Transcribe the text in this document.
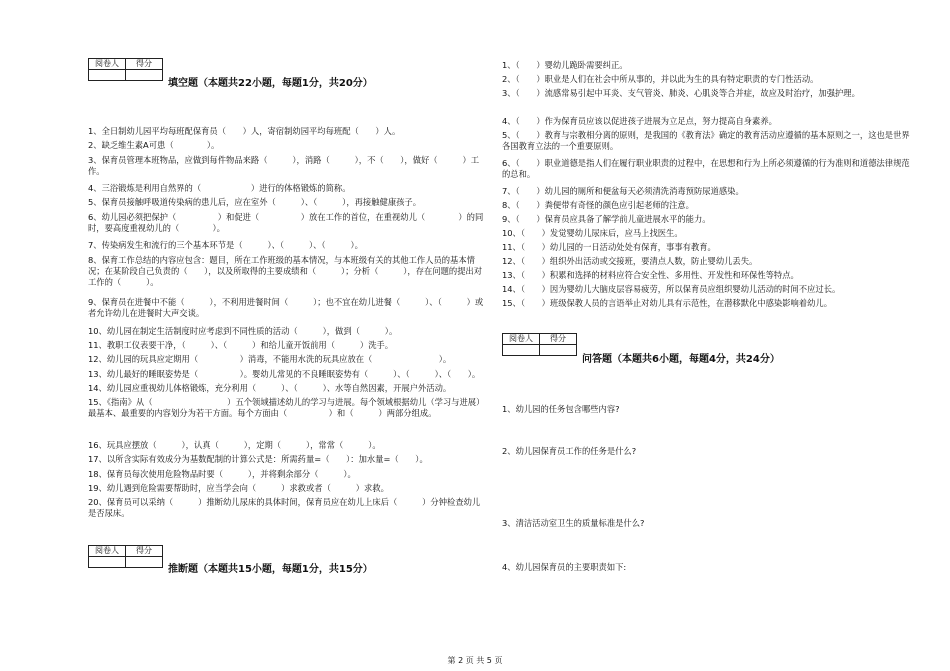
阅卷人	得分

填空题（本题共22小题，每题1分，共20分）
1、全日制幼儿园平均每班配保育员（　　）人，寄宿制幼园平均每班配（　　）人。
2、缺乏维生素A可患（　　　　）。
3、保育员管理本班物品，应做到每件物品来路（　　　），消路（　　　），不（　　），做好（　　　）工作。
4、三浴锻炼是利用自然界的（　　　　　　）进行的体格锻炼的简称。
5、保育员接触呼吸道传染病的患儿后，应在室外（　　　）、（　　　），再接触健康孩子。
6、幼儿园必须把保护（　　　　　）和促进（　　　　　）放在工作的首位，在重视幼儿（　　　　）的同时，要高度重视幼儿的（　　　　）。
7、传染病发生和流行的三个基本环节是（　　　）、（　　　）、（　　　）。
8、保育工作总结的内容应包含：题目，所在工作班级的基本情况，与本班级有关的其他工作人员的基本情况；在某阶段自己负责的（　　），以及所取得的主要成绩和（　　　）；分析（　　　），存在问题的提出对工作的（　　　）。
9、保育员在进餐中不能（　　　），不利用进餐时间（　　　）；也不宜在幼儿进餐（　　　）、（　　　）或者允许幼儿在进餐时大声交谈。
10、幼儿园在制定生活制度时应考虑到不同性质的活动（　　　），做到（　　　）。
11、教职工仪表要干净，（　　　）、（　　　）和给儿童开饭前用（　　　）洗手。
12、幼儿园的玩具应定期用（　　　　　）消毒，不能用水洗的玩具应放在（　　　　　　　　）。
13、幼儿最好的睡眠姿势是（　　　　　）。婴幼儿常见的不良睡眠姿势有（　　　）、（　　　）、（　　）。
14、幼儿园应重视幼儿体格锻炼，充分利用（　　　）、（　　　）、水等自然因素，开展户外活动。
15、《指南》从（　　　　　　　　　）五个领域描述幼儿的学习与进展。每个领域根据幼儿（学习与进展）最基本、最重要的内容划分为若干方面。每个方面由（　　　　　）和（　　　）两部分组成。
16、玩具应摆放（　　　），认真（　　　），定期（　　　），常常（　　　）。
17、以所含实际有效成分为基数配制的计算公式是：所需药量=（　　）：加水量=（　　）。
18、保育员每次使用危险物品时要（　　　），并将剩余部分（　　　）。
19、幼儿遇到危险需要帮助时，应当学会向（　　　）求救或者（　　　）求救。
20、保育员可以采纳（　　　）推断幼儿尿床的具体时间，保育员应在幼儿上床后（　　　）分钟检查幼儿是否尿床。
阅卷人	得分

推断题（本题共15小题，每题1分，共15分）
1、（　　）婴幼儿跪卧需要纠正。
2、（　　）职业是人们在社会中所从事的，并以此为生的具有特定职责的专门性活动。
3、（　　）流感常易引起中耳炎、支气管炎、肺炎、心肌炎等合并症，故应及时治疗，加强护理。
4、（　　）作为保育员应该以促进孩子进展为立足点，努力提高自身素养。
5、（　　）教育与宗教相分离的原则，是我国的《教育法》确定的教育活动应遵循的基本原则之一，这也是世界各国教育立法的一个重要原则。
6、（　　）职业道德是指人们在履行职业职责的过程中，在思想和行为上所必须遵循的行为准则和道德法律规范的总和。
7、（　　）幼儿园的厕所和便盆每天必须清洗消毒预防尿道感染。
8、（　　）粪便带有奇怪的颜色应引起老师的注意。
9、（　　）保育员应具备了解学前儿童进展水平的能力。
10、（　　）发觉婴幼儿尿床后，应马上找医生。
11、（　　）幼儿园的一日活动处处有保育，事事有教育。
12、（　　）组织外出活动或交接班，要清点人数，防止婴幼儿丢失。
13、（　　）积累和选择的材料应符合安全性、多用性、开发性和环保性等特点。
14、（　　）因为婴幼儿大脑皮层容易疲劳，所以保育员应组织婴幼儿活动的时间不应过长。
15、（　　）班级保教人员的言语举止对幼儿具有示范性，在潜移默化中感染影响着幼儿。
阅卷人	得分

问答题（本题共6小题，每题4分，共24分）
1、幼儿园的任务包含哪些内容?
2、幼儿园保育员工作的任务是什么?
3、清洁活动室卫生的质量标准是什么?
4、幼儿园保育员的主要职责如下:
第 2 页 共 5 页
